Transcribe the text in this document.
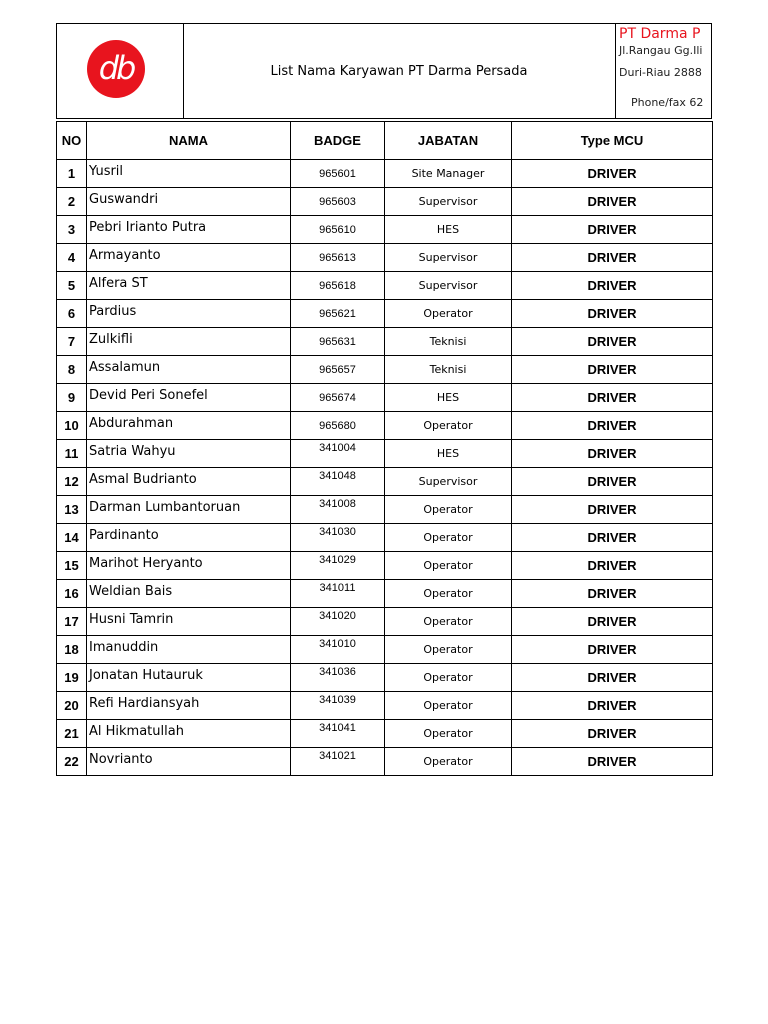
db	List Nama Karyawan PT Darma Persada
PT Darma P
Jl.Rangau Gg.Ili
Duri-Riau 2888
Phone/fax 62
NO	NAMA	BADGE	JABATAN	Type MCU
1	Yusril	965601	Site Manager	DRIVER
2	Guswandri	965603	Supervisor	DRIVER
3	Pebri Irianto Putra	965610	HES	DRIVER
4	Armayanto	965613	Supervisor	DRIVER
5	Alfera ST	965618	Supervisor	DRIVER
6	Pardius	965621	Operator	DRIVER
7	Zulkifli	965631	Teknisi	DRIVER
8	Assalamun	965657	Teknisi	DRIVER
9	Devid Peri Sonefel	965674	HES	DRIVER
10	Abdurahman	965680	Operator	DRIVER
11	Satria Wahyu	341004	HES	DRIVER
12	Asmal Budrianto	341048	Supervisor	DRIVER
13	Darman Lumbantoruan	341008	Operator	DRIVER
14	Pardinanto	341030	Operator	DRIVER
15	Marihot Heryanto	341029	Operator	DRIVER
16	Weldian Bais	341011	Operator	DRIVER
17	Husni Tamrin	341020	Operator	DRIVER
18	Imanuddin	341010	Operator	DRIVER
19	Jonatan Hutauruk	341036	Operator	DRIVER
20	Refi Hardiansyah	341039	Operator	DRIVER
21	Al Hikmatullah	341041	Operator	DRIVER
22	Novrianto	341021	Operator	DRIVER
